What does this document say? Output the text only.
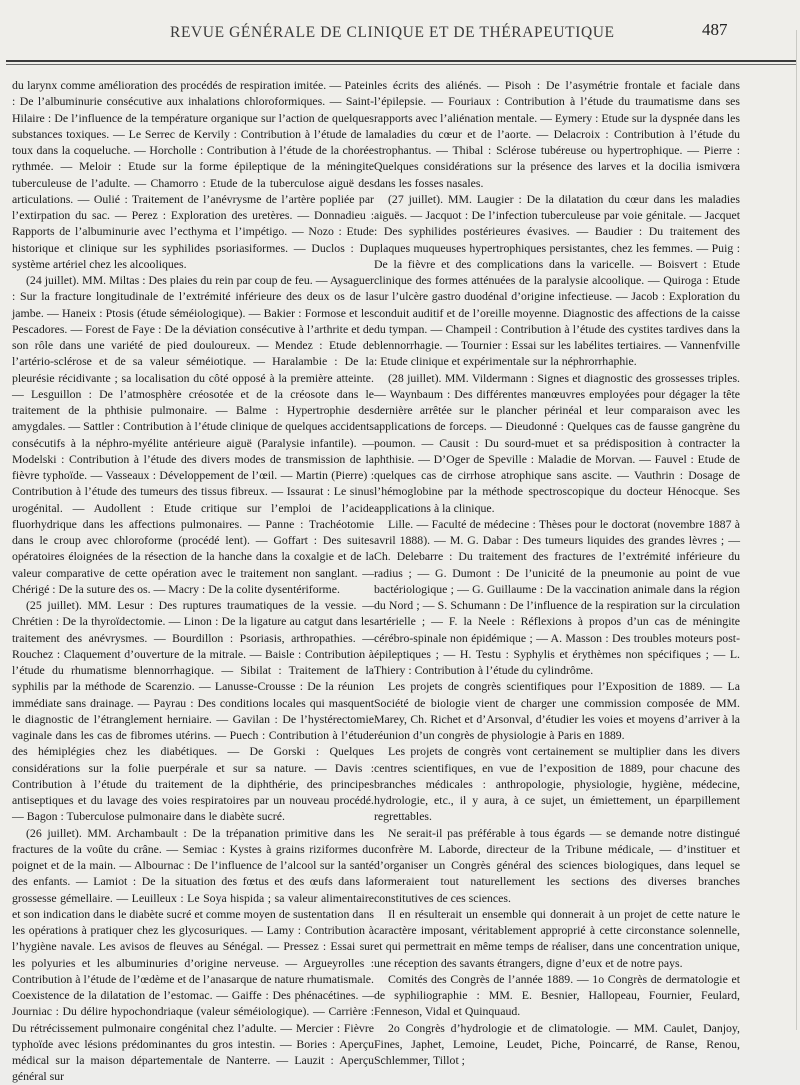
REVUE GÉNÉRALE DE CLINIQUE ET DE THÉRAPEUTIQUE	487

du larynx comme amélioration des procédés de respiration imitée. — Patein : De l’albuminurie consécutive aux inhalations chloroformiques. — Saint-Hilaire : De l’influence de la température organique sur l’action de quelques substances toxiques. — Le Serrec de Kervily : Contribution à l’étude de la toux dans la coqueluche. — Horcholle : Contribution à l’étude de la chorée rythmée. — Meloir : Etude sur la forme épileptique de la méningite tuberculeuse de l’adulte. — Chamorro : Etude de la tuberculose aiguë des articulations. — Oulié : Traitement de l’anévrysme de l’artère popliée par l’extirpation du sac. — Perez : Exploration des uretères. — Donnadieu : Rapports de l’albuminurie avec l’ecthyma et l’impétigo. — Nozo : Etude historique et clinique sur les syphilides psoriasiformes. — Duclos : Du système artériel chez les alcooliques.

(24 juillet). MM. Miltas : Des plaies du rein par coup de feu. — Aysaguer : Sur la fracture longitudinale de l’extrémité inférieure des deux os de la jambe. — Haneix : Ptosis (étude séméiologique). — Bakier : Formose et les Pescadores. — Forest de Faye : De la déviation consécutive à l’arthrite et de son rôle dans une variété de pied douloureux. — Mendez : Etude de l’artério-sclérose et de sa valeur séméiotique. — Haralambie : De la pleurésie récidivante ; sa localisation du côté opposé à la première atteinte. — Lesguillon : De l’atmosphère créosotée et de la créosote dans le traitement de la phthisie pulmonaire. — Balme : Hypertrophie des amygdales. — Sattler : Contribution à l’étude clinique de quelques accidents consécutifs à la néphro-myélite antérieure aiguë (Paralysie infantile). — Modelski : Contribution à l’étude des divers modes de transmission de la fièvre typhoïde. — Vasseaux : Développement de l’œil. — Martin (Pierre) : Contribution à l’étude des tumeurs des tissus fibreux. — Issaurat : Le sinus urogénital. — Audollent : Etude critique sur l’emploi de l’acide fluorhydrique dans les affections pulmonaires. — Panne : Trachéotomie dans le croup avec chloroforme (procédé lent). — Goffart : Des suites opératoires éloignées de la résection de la hanche dans la coxalgie et de la valeur comparative de cette opération avec le traitement non sanglant. — Chérigé : De la suture des os. — Macry : De la colite dysentériforme.

(25 juillet). MM. Lesur : Des ruptures traumatiques de la vessie. — Chrétien : De la thyroïdectomie. — Linon : De la ligature au catgut dans les traitement des anévrysmes. — Bourdillon : Psoriasis, arthropathies. — Rouchez : Claquement d’ouverture de la mitrale. — Baisle : Contribution à l’étude du rhumatisme blennorrhagique. — Sibilat : Traitement de la syphilis par la méthode de Scarenzio. — Lanusse-Crousse : De la réunion immédiate sans drainage. — Payrau : Des conditions locales qui masquent le diagnostic de l’étranglement herniaire. — Gavilan : De l’hystérectomie vaginale dans les cas de fibromes utérins. — Puech : Contribution à l’étude des hémiplégies chez les diabétiques. — De Gorski : Quelques considérations sur la folie puerpérale et sur sa nature. — Davis : Contribution à l’étude du traitement de la diphthérie, des principes antiseptiques et du lavage des voies respiratoires par un nouveau procédé. — Bagon : Tuberculose pulmonaire dans le diabète sucré.

(26 juillet). MM. Archambault : De la trépanation primitive dans les fractures de la voûte du crâne. — Semiac : Kystes à grains riziformes du poignet et de la main. — Albournac : De l’influence de l’alcool sur la santé des enfants. — Lamiot : De la situation des fœtus et des œufs dans la grossesse gémellaire. — Leuilleux : Le Soya hispida ; sa valeur alimentaire et son indication dans le diabète sucré et comme moyen de sustentation dans les opérations à pratiquer chez les glycosuriques. — Lamy : Contribution à l’hygiène navale. Les avisos de fleuves au Sénégal. — Pressez : Essai sur les polyuries et les albuminuries d’origine nerveuse. — Argueyrolles : Contribution à l’étude de l’œdème et de l’anasarque de nature rhumatismale. Coexistence de la dilatation de l’estomac. — Gaiffe : Des phénacétines. — Journiac : Du délire hypochondriaque (valeur séméiologique). — Carrière : Du rétrécissement pulmonaire congénital chez l’adulte. — Mercier : Fièvre typhoïde avec lésions prédominantes du gros intestin. — Bories : Aperçu médical sur la maison départementale de Nanterre. — Lauzit : Aperçu général sur

les écrits des aliénés. — Pisoh : De l’asymétrie frontale et faciale dans l’épilepsie. — Fouriaux : Contribution à l’étude du traumatisme dans ses rapports avec l’aliénation mentale. — Eymery : Etude sur la dyspnée dans les maladies du cœur et de l’aorte. — Delacroix : Contribution à l’étude du strophantus. — Thibal : Sclérose tubéreuse ou hypertrophique. — Pierre : Quelques considérations sur la présence des larves et la docilia ismivœra dans les fosses nasales.

(27 juillet). MM. Laugier : De la dilatation du cœur dans les maladies aiguës. — Jacquot : De l’infection tuberculeuse par voie génitale. — Jacquet : Des syphilides postérieures évasives. — Baudier : Du traitement des plaques muqueuses hypertrophiques persistantes, chez les femmes. — Puig : De la fièvre et des complications dans la varicelle. — Boisvert : Etude clinique des formes atténuées de la paralysie alcoolique. — Quiroga : Etude sur l’ulcère gastro duodénal d’origine infectieuse. — Jacob : Exploration du conduit auditif et de l’oreille moyenne. Diagnostic des affections de la caisse du tympan. — Champeil : Contribution à l’étude des cystites tardives dans la blennorrhagie. — Tournier : Essai sur les labélites tertiaires. — Vannenfville : Etude clinique et expérimentale sur la néphrorrhaphie.

(28 juillet). MM. Vildermann : Signes et diagnostic des grossesses triples. — Waynbaum : Des différentes manœuvres employées pour dégager la tête dernière arrêtée sur le plancher périnéal et leur comparaison avec les applications de forceps. — Dieudonné : Quelques cas de fausse gangrène du poumon. — Causit : Du sourd-muet et sa prédisposition à contracter la phthisie. — D’Oger de Speville : Maladie de Morvan. — Fauvel : Etude de quelques cas de cirrhose atrophique sans ascite. — Vauthrin : Dosage de l’hémoglobine par la méthode spectroscopique du docteur Hénocque. Ses applications à la clinique.

Lille. — Faculté de médecine : Thèses pour le doctorat (novembre 1887 à avril 1888). — M. G. Dabar : Des tumeurs liquides des grandes lèvres ; — Ch. Delebarre : Du traitement des fractures de l’extrémité inférieure du radius ; — G. Dumont : De l’unicité de la pneumonie au point de vue bactériologique ; — G. Guillaume : De la vaccination animale dans la région du Nord ; — S. Schumann : De l’influence de la respiration sur la circulation artérielle ; — F. la Neele : Réflexions à propos d’un cas de méningite cérébro-spinale non épidémique ; — A. Masson : Des troubles moteurs post-épileptiques ; — H. Testu : Syphylis et érythèmes non spécifiques ; — L. Thiery : Contribution à l’étude du cylindrôme.

Les projets de congrès scientifiques pour l’Exposition de 1889. — La Société de biologie vient de charger une commission composée de MM. Marey, Ch. Richet et d’Arsonval, d’étudier les voies et moyens d’arriver à la réunion d’un congrès de physiologie à Paris en 1889.

Les projets de congrès vont certainement se multiplier dans les divers centres scientifiques, en vue de l’exposition de 1889, pour chacune des branches médicales : anthropologie, physiologie, hygiène, médecine, hydrologie, etc., il y aura, à ce sujet, un émiettement, un éparpillement regrettables.

Ne serait-il pas préférable à tous égards — se demande notre distingué confrère M. Laborde, directeur de la Tribune médicale, — d’instituer et d’organiser un Congrès général des sciences biologiques, dans lequel se formeraient tout naturellement les sections des diverses branches constitutives de ces sciences.

Il en résulterait un ensemble qui donnerait à un projet de cette nature le caractère imposant, véritablement approprié à cette circonstance solennelle, et qui permettrait en même temps de réaliser, dans une concentration unique, une réception des savants étrangers, digne d’eux et de notre pays.

Comités des Congrès de l’année 1889. — 1o Congrès de dermatologie et de syphiliographie : MM. E. Besnier, Hallopeau, Fournier, Feulard, Fenneson, Vidal et Quinquaud.

2o Congrès d’hydrologie et de climatologie. — MM. Caulet, Danjoy, Fines, Japhet, Lemoine, Leudet, Piche, Poincarré, de Ranse, Renou, Schlemmer, Tillot ;
